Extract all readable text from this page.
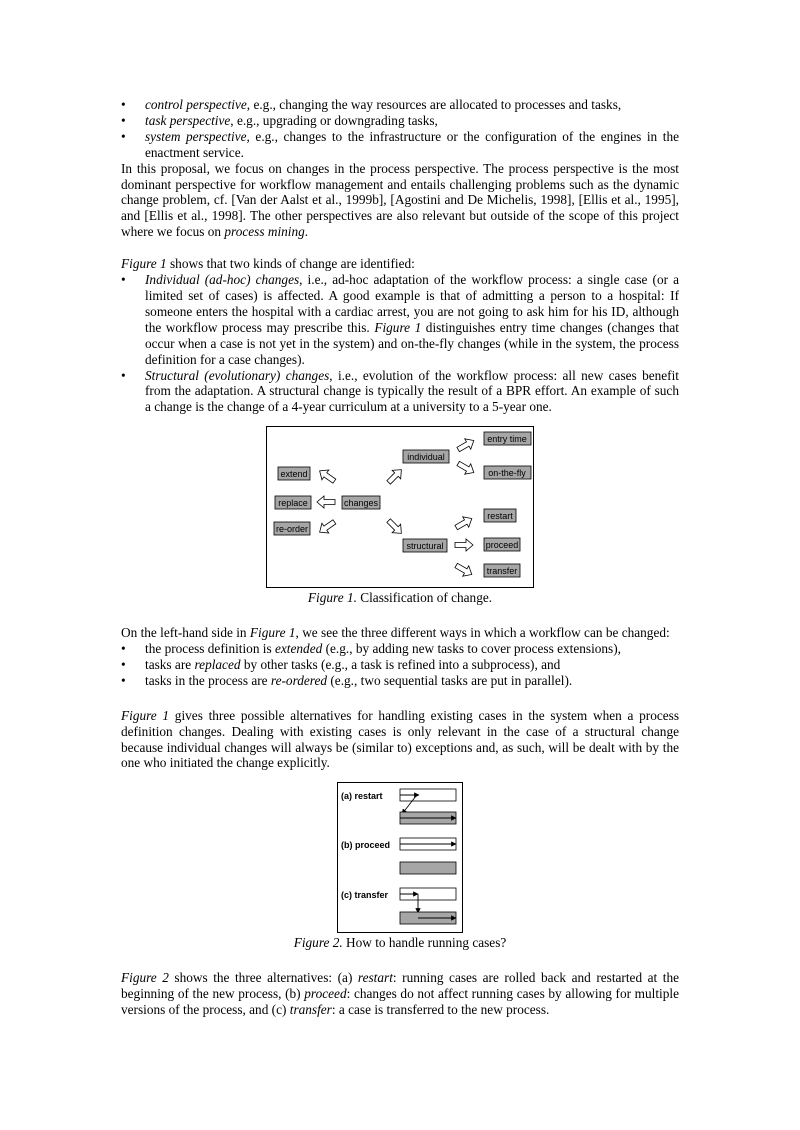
• control perspective, e.g., changing the way resources are allocated to processes and tasks,
• task perspective, e.g., upgrading or downgrading tasks,
• system perspective, e.g., changes to the infrastructure or the configuration of the engines in the enactment service.

In this proposal, we focus on changes in the process perspective. The process perspective is the most dominant perspective for workflow management and entails challenging problems such as the dynamic change problem, cf. [Van der Aalst et al., 1999b], [Agostini and De Michelis, 1998], [Ellis et al., 1995], and [Ellis et al., 1998]. The other perspectives are also relevant but outside of the scope of this project where we focus on process mining.

Figure 1 shows that two kinds of change are identified:

• Individual (ad-hoc) changes, i.e., ad-hoc adaptation of the workflow process: a single case (or a limited set of cases) is affected. A good example is that of admitting a person to a hospital: If someone enters the hospital with a cardiac arrest, you are not going to ask him for his ID, although the workflow process may prescribe this. Figure 1 distinguishes entry time changes (changes that occur when a case is not yet in the system) and on-the-fly changes (while in the system, the process definition for a case changes).
• Structural (evolutionary) changes, i.e., evolution of the workflow process: all new cases benefit from the adaptation. A structural change is typically the result of a BPR effort. An example of such a change is the change of a 4-year curriculum at a university to a 5-year one.
extend
replace
re-order
changes
individual
structural
entry time
on-the-fly
restart
proceed
transfer

Figure 1. Classification of change.

On the left-hand side in Figure 1, we see the three different ways in which a workflow can be changed:

• the process definition is extended (e.g., by adding new tasks to cover process extensions),
• tasks are replaced by other tasks (e.g., a task is refined into a subprocess), and
• tasks in the process are re-ordered (e.g., two sequential tasks are put in parallel).

Figure 1 gives three possible alternatives for handling existing cases in the system when a process definition changes. Dealing with existing cases is only relevant in the case of a structural change because individual changes will always be (similar to) exceptions and, as such, will be dealt with by the one who initiated the change explicitly.

(a) restart
(b) proceed
(c) transfer

Figure 2. How to handle running cases?

Figure 2 shows the three alternatives: (a) restart: running cases are rolled back and restarted at the beginning of the new process, (b) proceed: changes do not affect running cases by allowing for multiple versions of the process, and (c) transfer: a case is transferred to the new process.
